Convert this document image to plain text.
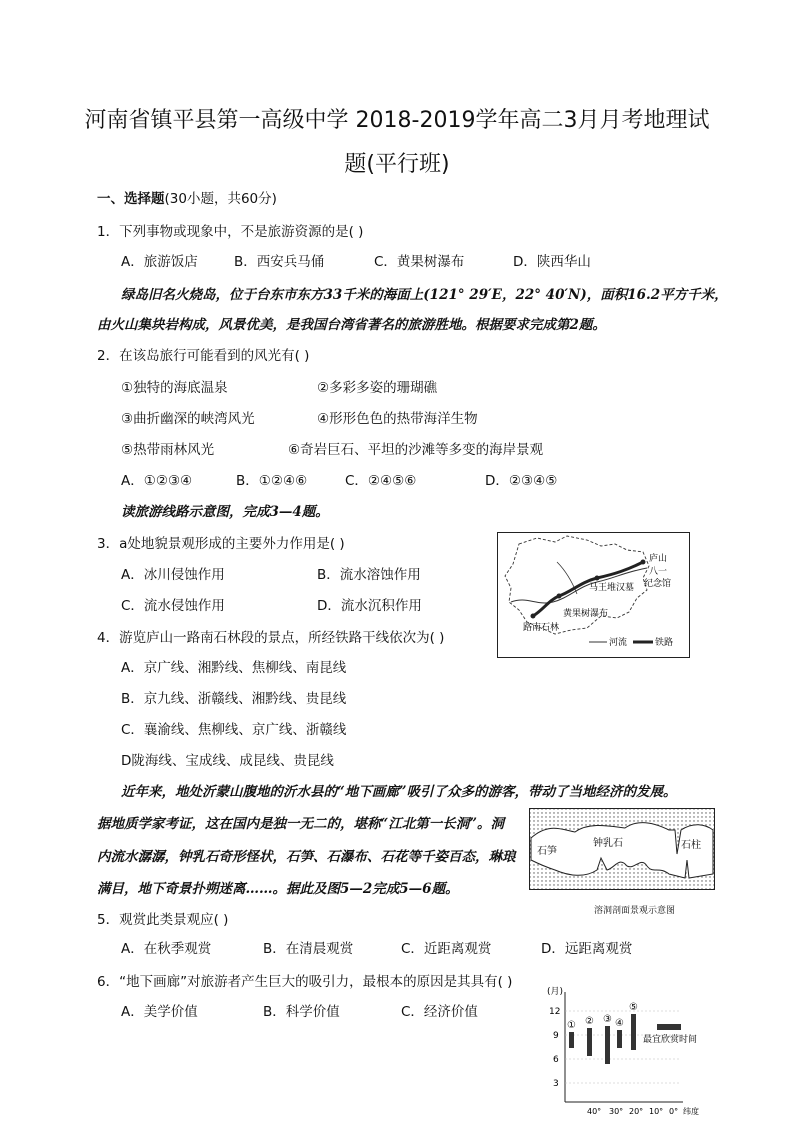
河南省镇平县第一高级中学 2018-2019学年高二3月月考地理试
题(平行班)
一、选择题(30小题，共60分)
1．下列事物或现象中，不是旅游资源的是( )
A．旅游饭店	B．西安兵马俑	C．黄果树瀑布	D．陕西华山
绿岛旧名火烧岛，位于台东市东方33千米的海面上(121° 29′E，22° 40′N)，面积16.2平方千米，
由火山集块岩构成，风景优美，是我国台湾省著名的旅游胜地。根据要求完成第2题。
2．在该岛旅行可能看到的风光有( )
①独特的海底温泉	②多彩多姿的珊瑚礁
③曲折幽深的峡湾风光	④形形色色的热带海洋生物
⑤热带雨林风光	⑥奇岩巨石、平坦的沙滩等多变的海岸景观
A．①②③④	B．①②④⑥	C．②④⑤⑥	D．②③④⑤
读旅游线路示意图，完成3—4题。
3．a处地貌景观形成的主要外力作用是( )
A．冰川侵蚀作用	B．流水溶蚀作用
C．流水侵蚀作用	D．流水沉积作用
庐山
八一
纪念馆
马王堆汉墓
黄果树瀑布
路南石林
河流	铁路
4．游览庐山一路南石林段的景点，所经铁路干线依次为( )
A．京广线、湘黔线、焦柳线、南昆线
B．京九线、浙赣线、湘黔线、贵昆线
C．襄渝线、焦柳线、京广线、浙赣线
D陇海线、宝成线、成昆线、贵昆线
近年来，地处沂蒙山腹地的沂水县的“地下画廊”吸引了众多的游客，带动了当地经济的发展。
据地质学家考证，这在国内是独一无二的，堪称“江北第一长洞”。洞
内流水潺潺，钟乳石奇形怪状，石笋、石瀑布、石花等千姿百态，琳琅
满目，地下奇景扑朔迷离……。据此及图5—2完成5—6题。
钟乳石
石笋
石柱
溶洞剖面景观示意图
5．观赏此类景观应( )
A．在秋季观赏	B．在清晨观赏	C．近距离观赏	D．远距离观赏
6．“地下画廊”对旅游者产生巨大的吸引力，最根本的原因是其具有( )
A．美学价值	B．科学价值	C．经济价值
(月)
12
9
6
3
① ② ③ ④
⑤
最宜欣赏时间
40° 30° 20° 10° 0° 纬度
